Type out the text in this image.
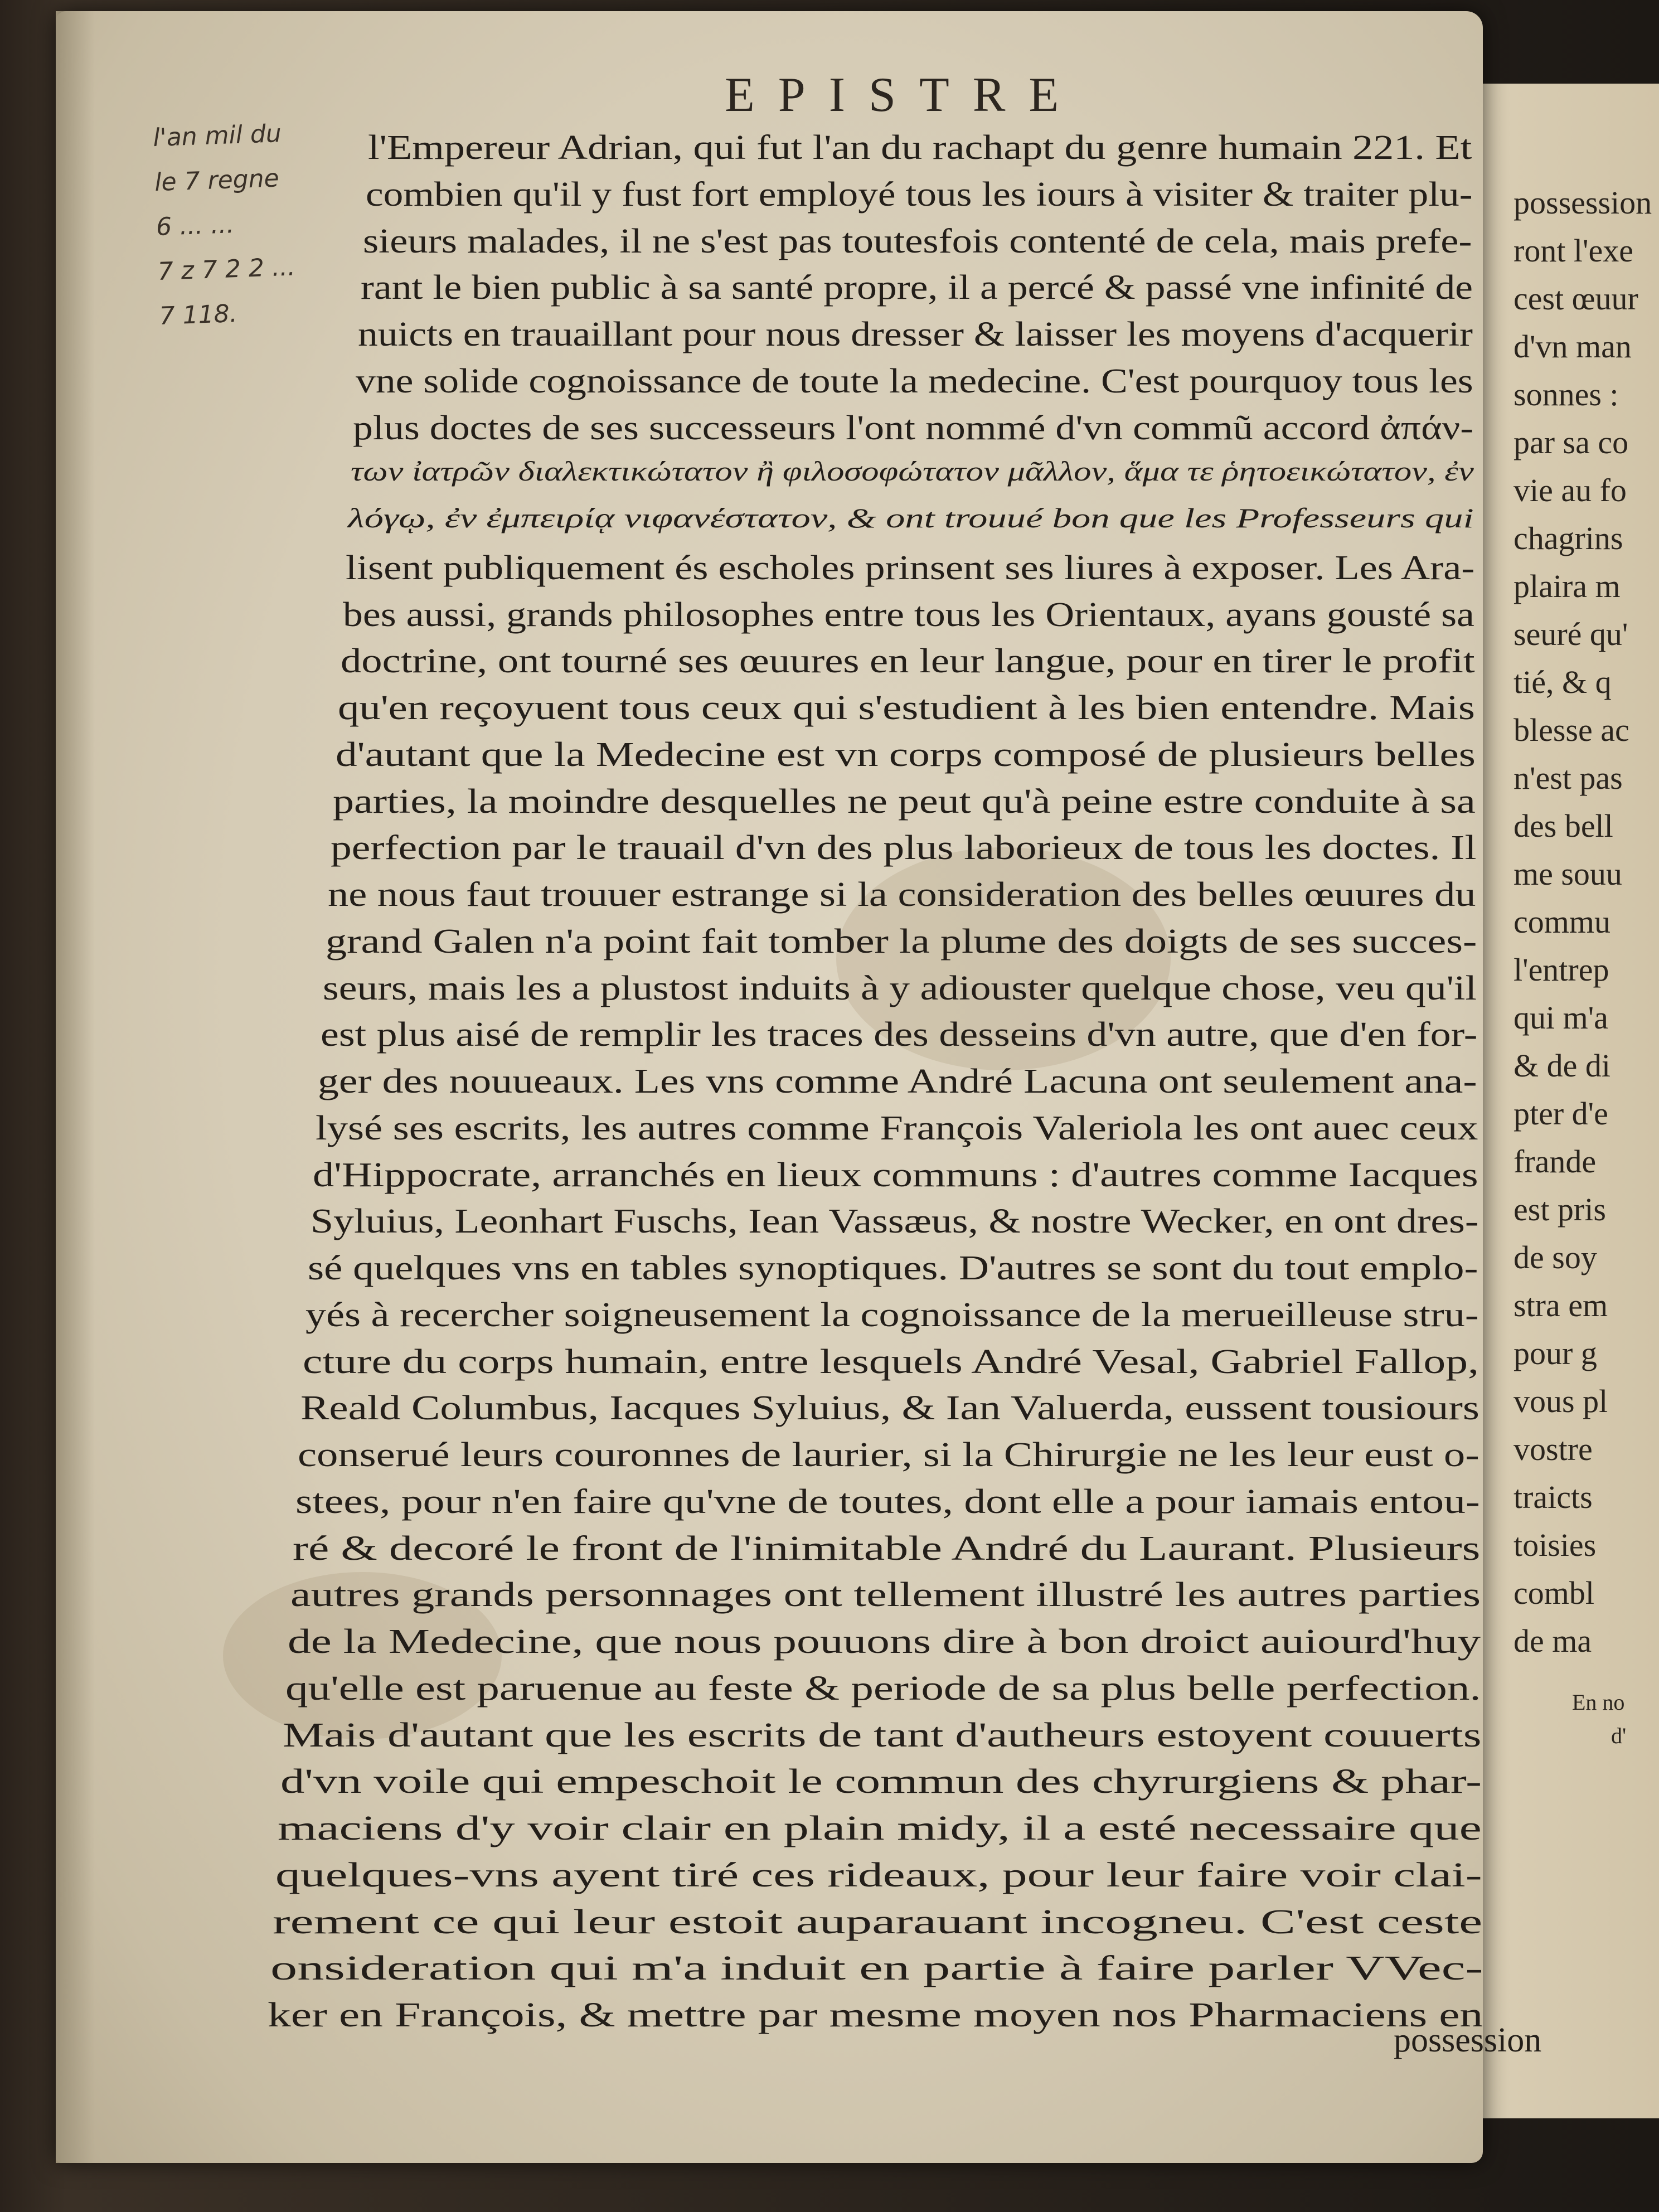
possession
ront l'exe
cest œuur
d'vn man
sonnes :
par sa co
vie au fo
chagrins
plaira m
seuré qu'
tié, & q
blesse ac
n'est pas
des bell
me souu
commu
l'entrep
qui m'a
& de di
pter d'e
frande
est pris
de soy
stra em
pour g
vous pl
vostre
traicts
toisies
combl
de ma
En no
d'
EPISTRE
l'an mil du
le 7 regne
6 ... ...
7 z 7 2 2 ...
7 118.
l'Empereur Adrian, qui fut l'an du rachapt du genre humain 221. Et
combien qu'il y fust fort employé tous les iours à visiter & traiter plu-
sieurs malades, il ne s'est pas toutesfois contenté de cela, mais prefe-
rant le bien public à sa santé propre, il a percé & passé vne infinité de
nuicts en trauaillant pour nous dresser & laisser les moyens d'acquerir
vne solide cognoissance de toute la medecine. C'est pourquoy tous les
plus doctes de ses successeurs l'ont nommé d'vn commũ accord ἀπάν-
των ἰατρῶν διαλεκτικώτατον ἢ φιλοσοφώτατον μᾶλλον, ἅμα τε ῥητοεικώτατον, ἐν
λόγῳ, ἐν ἐμπειρίᾳ νιφανέστατον, & ont trouué bon que les Professeurs qui
lisent publiquement és escholes prinsent ses liures à exposer. Les Ara-
bes aussi, grands philosophes entre tous les Orientaux, ayans gousté sa
doctrine, ont tourné ses œuures en leur langue, pour en tirer le profit
qu'en reçoyuent tous ceux qui s'estudient à les bien entendre. Mais
d'autant que la Medecine est vn corps composé de plusieurs belles
parties, la moindre desquelles ne peut qu'à peine estre conduite à sa
perfection par le trauail d'vn des plus laborieux de tous les doctes. Il
ne nous faut trouuer estrange si la consideration des belles œuures du
grand Galen n'a point fait tomber la plume des doigts de ses succes-
seurs, mais les a plustost induits à y adiouster quelque chose, veu qu'il
est plus aisé de remplir les traces des desseins d'vn autre, que d'en for-
ger des nouueaux. Les vns comme André Lacuna ont seulement ana-
lysé ses escrits, les autres comme François Valeriola les ont auec ceux
d'Hippocrate, arranchés en lieux communs : d'autres comme Iacques
Syluius, Leonhart Fuschs, Iean Vassæus, & nostre Wecker, en ont dres-
sé quelques vns en tables synoptiques. D'autres se sont du tout emplo-
yés à recercher soigneusement la cognoissance de la merueilleuse stru-
cture du corps humain, entre lesquels André Vesal, Gabriel Fallop,
Reald Columbus, Iacques Syluius, & Ian Valuerda, eussent tousiours
conserué leurs couronnes de laurier, si la Chirurgie ne les leur eust o-
stees, pour n'en faire qu'vne de toutes, dont elle a pour iamais entou-
ré & decoré le front de l'inimitable André du Laurant. Plusieurs
autres grands personnages ont tellement illustré les autres parties
de la Medecine, que nous pouuons dire à bon droict auiourd'huy
qu'elle est paruenue au feste & periode de sa plus belle perfection.
Mais d'autant que les escrits de tant d'autheurs estoyent couuerts
d'vn voile qui empeschoit le commun des chyrurgiens & phar-
maciens d'y voir clair en plain midy, il a esté necessaire que
quelques-vns ayent tiré ces rideaux, pour leur faire voir clai-
rement ce qui leur estoit auparauant incogneu. C'est ceste
onsideration qui m'a induit en partie à faire parler VVec-
ker en François, & mettre par mesme moyen nos Pharmaciens en
possession
